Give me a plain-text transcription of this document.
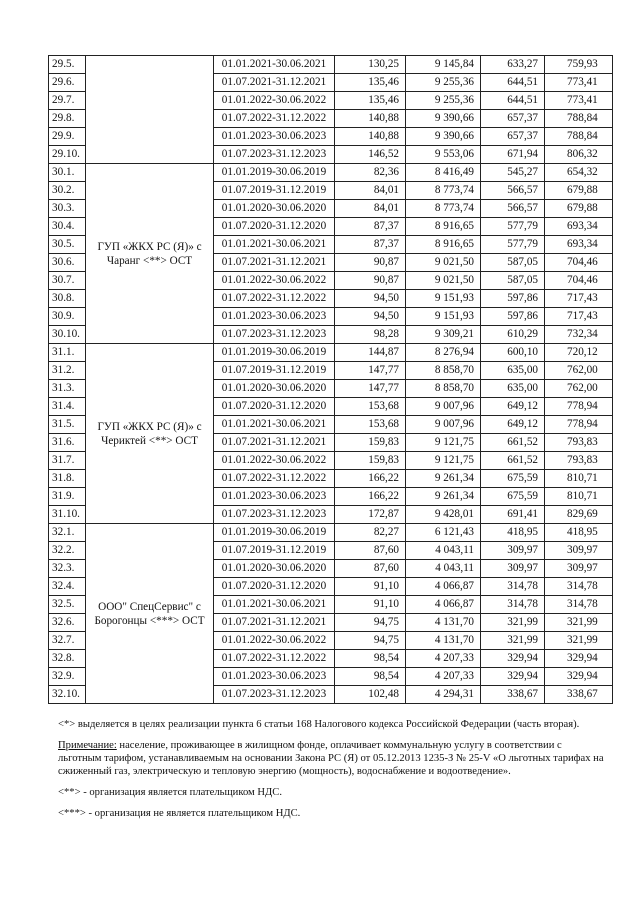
29.5.		01.01.2021-30.06.2021	130,25	9 145,84	633,27	759,93
29.6.		01.07.2021-31.12.2021	135,46	9 255,36	644,51	773,41
29.7.		01.01.2022-30.06.2022	135,46	9 255,36	644,51	773,41
29.8.		01.07.2022-31.12.2022	140,88	9 390,66	657,37	788,84
29.9.		01.01.2023-30.06.2023	140,88	9 390,66	657,37	788,84
29.10.		01.07.2023-31.12.2023	146,52	9 553,06	671,94	806,32
30.1.	ГУП «ЖКХ РС (Я)» с Чаранг <**> ОСТ	01.01.2019-30.06.2019	82,36	8 416,49	545,27	654,32
30.2.		01.07.2019-31.12.2019	84,01	8 773,74	566,57	679,88
30.3.		01.01.2020-30.06.2020	84,01	8 773,74	566,57	679,88
30.4.		01.07.2020-31.12.2020	87,37	8 916,65	577,79	693,34
30.5.		01.01.2021-30.06.2021	87,37	8 916,65	577,79	693,34
30.6.		01.07.2021-31.12.2021	90,87	9 021,50	587,05	704,46
30.7.		01.01.2022-30.06.2022	90,87	9 021,50	587,05	704,46
30.8.		01.07.2022-31.12.2022	94,50	9 151,93	597,86	717,43
30.9.		01.01.2023-30.06.2023	94,50	9 151,93	597,86	717,43
30.10.		01.07.2023-31.12.2023	98,28	9 309,21	610,29	732,34
31.1.	ГУП «ЖКХ РС (Я)» с Чериктей <**> ОСТ	01.01.2019-30.06.2019	144,87	8 276,94	600,10	720,12
31.2.		01.07.2019-31.12.2019	147,77	8 858,70	635,00	762,00
31.3.		01.01.2020-30.06.2020	147,77	8 858,70	635,00	762,00
31.4.		01.07.2020-31.12.2020	153,68	9 007,96	649,12	778,94
31.5.		01.01.2021-30.06.2021	153,68	9 007,96	649,12	778,94
31.6.		01.07.2021-31.12.2021	159,83	9 121,75	661,52	793,83
31.7.		01.01.2022-30.06.2022	159,83	9 121,75	661,52	793,83
31.8.		01.07.2022-31.12.2022	166,22	9 261,34	675,59	810,71
31.9.		01.01.2023-30.06.2023	166,22	9 261,34	675,59	810,71
31.10.		01.07.2023-31.12.2023	172,87	9 428,01	691,41	829,69
32.1.	ООО" СпецСервис" с Борогонцы <***> ОСТ	01.01.2019-30.06.2019	82,27	6 121,43	418,95	418,95
32.2.		01.07.2019-31.12.2019	87,60	4 043,11	309,97	309,97
32.3.		01.01.2020-30.06.2020	87,60	4 043,11	309,97	309,97
32.4.		01.07.2020-31.12.2020	91,10	4 066,87	314,78	314,78
32.5.		01.01.2021-30.06.2021	91,10	4 066,87	314,78	314,78
32.6.		01.07.2021-31.12.2021	94,75	4 131,70	321,99	321,99
32.7.		01.01.2022-30.06.2022	94,75	4 131,70	321,99	321,99
32.8.		01.07.2022-31.12.2022	98,54	4 207,33	329,94	329,94
32.9.		01.01.2023-30.06.2023	98,54	4 207,33	329,94	329,94
32.10.		01.07.2023-31.12.2023	102,48	4 294,31	338,67	338,67

<*> выделяется в целях реализации пункта 6 статьи 168 Налогового кодекса Российской Федерации (часть вторая).

Примечание: население, проживающее в жилищном фонде, оплачивает коммунальную услугу в соответствии с льготным тарифом, устанавливаемым на основании Закона РС (Я) от 05.12.2013 1235-З № 25-V «О льготных тарифах на сжиженный газ, электрическую и тепловую энергию (мощность), водоснабжение и водоотведение».

<**> - организация является плательщиком НДС.

<***> - организация не является плательщиком НДС.
